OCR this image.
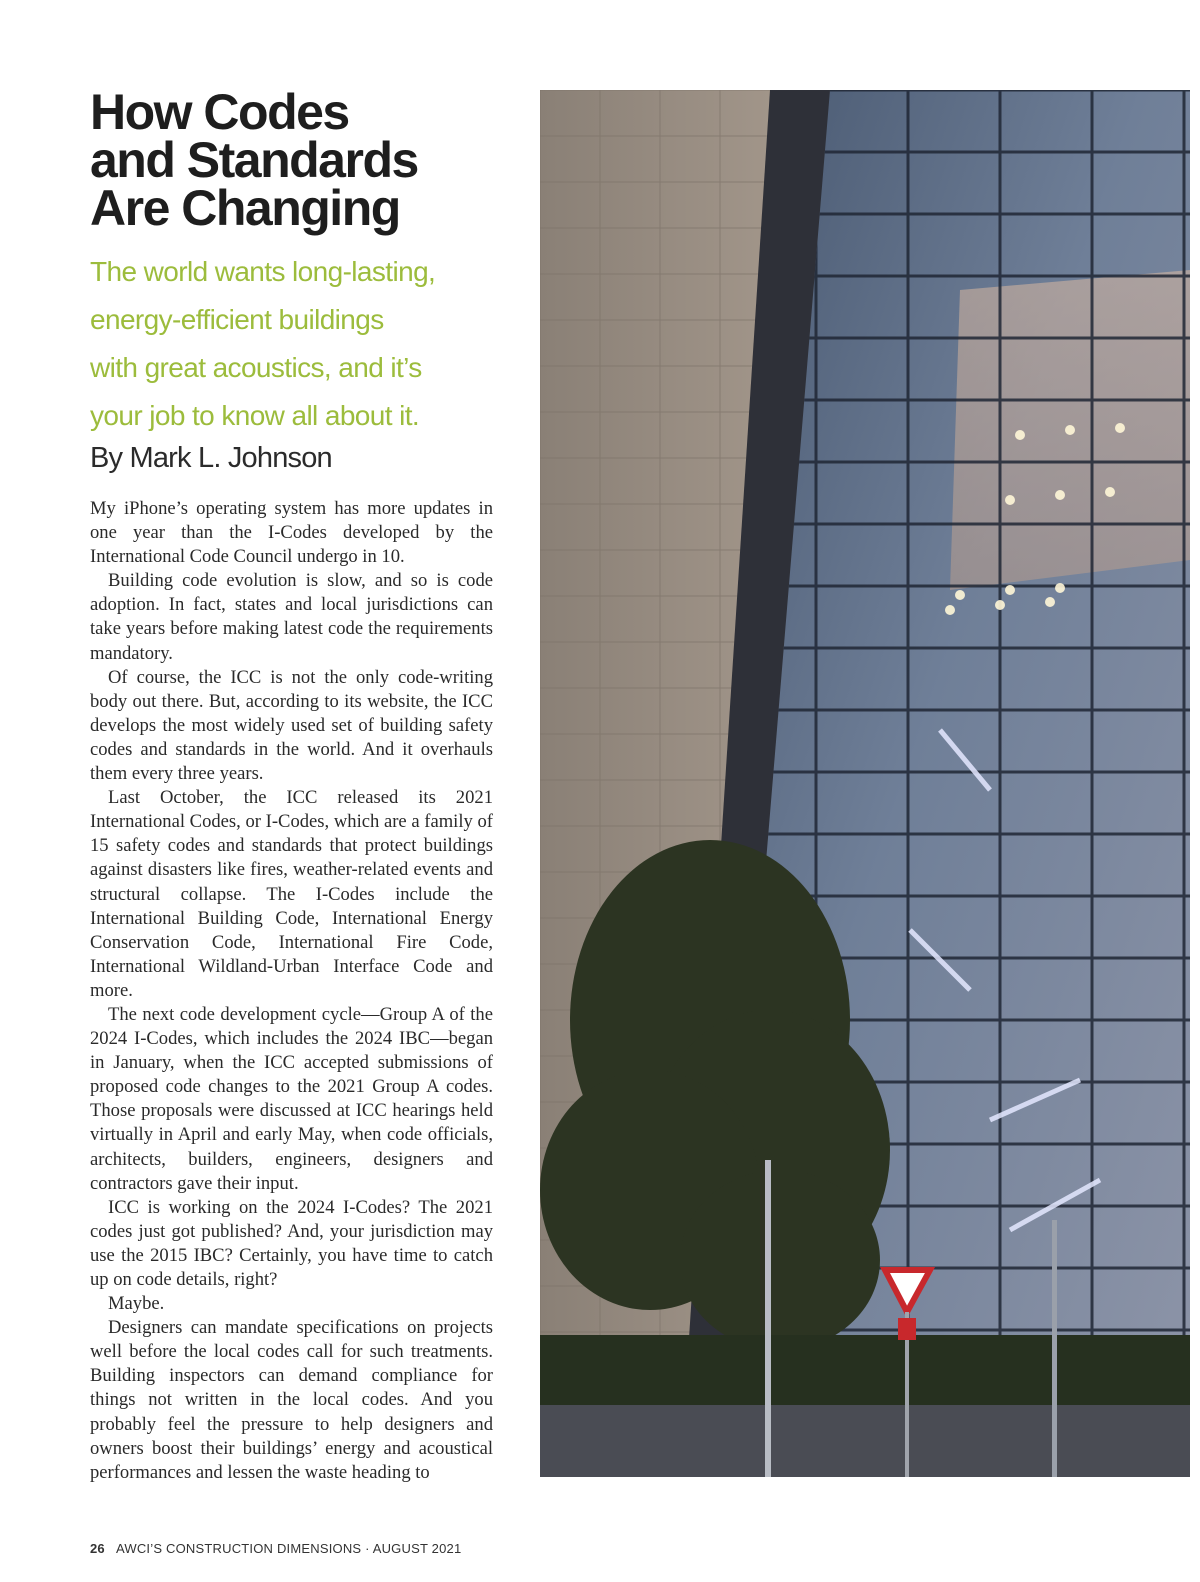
How Codes
and Standards
Are Changing

The world wants long-lasting,
energy-efficient buildings
with great acoustics, and it’s
your job to know all about it.

By Mark L. Johnson

My iPhone’s operating system has more updates in one year than the I-Codes developed by the International Code Council undergo in 10.

Building code evolution is slow, and so is code adoption. In fact, states and local jurisdictions can take years before making latest code the requirements mandatory.

Of course, the ICC is not the only code-writing body out there. But, according to its website, the ICC develops the most widely used set of building safety codes and standards in the world. And it overhauls them every three years.

Last October, the ICC released its 2021 International Codes, or I-Codes, which are a family of 15 safety codes and standards that protect buildings against disasters like fires, weather-related events and structural collapse. The I-Codes include the International Building Code, International Energy Conservation Code, International Fire Code, International Wildland-Urban Interface Code and more.

The next code development cycle—Group A of the 2024 I-Codes, which includes the 2024 IBC—began in January, when the ICC accepted submissions of proposed code changes to the 2021 Group A codes. Those proposals were discussed at ICC hearings held virtually in April and early May, when code officials, architects, builders, engineers, designers and contractors gave their input.

ICC is working on the 2024 I-Codes? The 2021 codes just got published? And, your jurisdiction may use the 2015 IBC? Certainly, you have time to catch up on code details, right?

Maybe.

Designers can mandate specifications on projects well before the local codes call for such treatments. Building inspectors can demand compliance for things not written in the local codes. And you probably feel the pressure to help designers and owners boost their buildings’ energy and acoustical performances and lessen the waste heading to

26 AWCI’S CONSTRUCTION DIMENSIONS · AUGUST 2021
